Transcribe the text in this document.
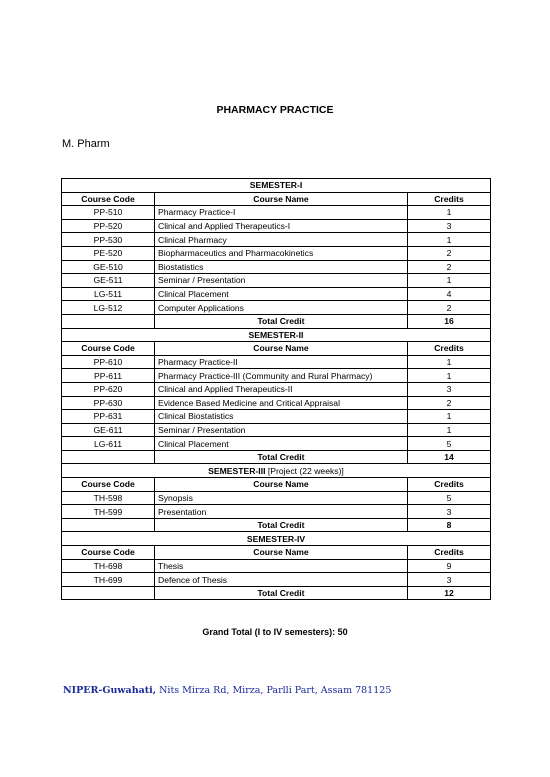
PHARMACY PRACTICE
M. Pharm
SEMESTER-I		
Course Code	Course Name	Credits
PP-510	Pharmacy Practice-I	1
PP-520	Clinical and Applied Therapeutics-I	3
PP-530	Clinical Pharmacy	1
PE-520	Biopharmaceutics and Pharmacokinetics	2
GE-510	Biostatistics	2
GE-511	Seminar / Presentation	1
LG-511	Clinical Placement	4
LG-512	Computer Applications	2
	Total Credit	16
SEMESTER-II		
Course Code	Course Name	Credits
PP-610	Pharmacy Practice-II	1
PP-611	Pharmacy Practice-III (Community and Rural Pharmacy)	1
PP-620	Clinical and Applied Therapeutics-II	3
PP-630	Evidence Based Medicine and Critical Appraisal	2
PP-631	Clinical Biostatistics	1
GE-611	Seminar / Presentation	1
LG-611	Clinical Placement	5
	Total Credit	14
SEMESTER-III [Project (22 weeks)]		
Course Code	Course Name	Credits
TH-598	Synopsis	5
TH-599	Presentation	3
	Total Credit	8
SEMESTER-IV		
Course Code	Course Name	Credits
TH-698	Thesis	9
TH-699	Defence of Thesis	3
	Total Credit	12
Grand Total (I to IV semesters): 50
NIPER-Guwahati, Nits Mirza Rd, Mirza, Parlli Part, Assam 781125
